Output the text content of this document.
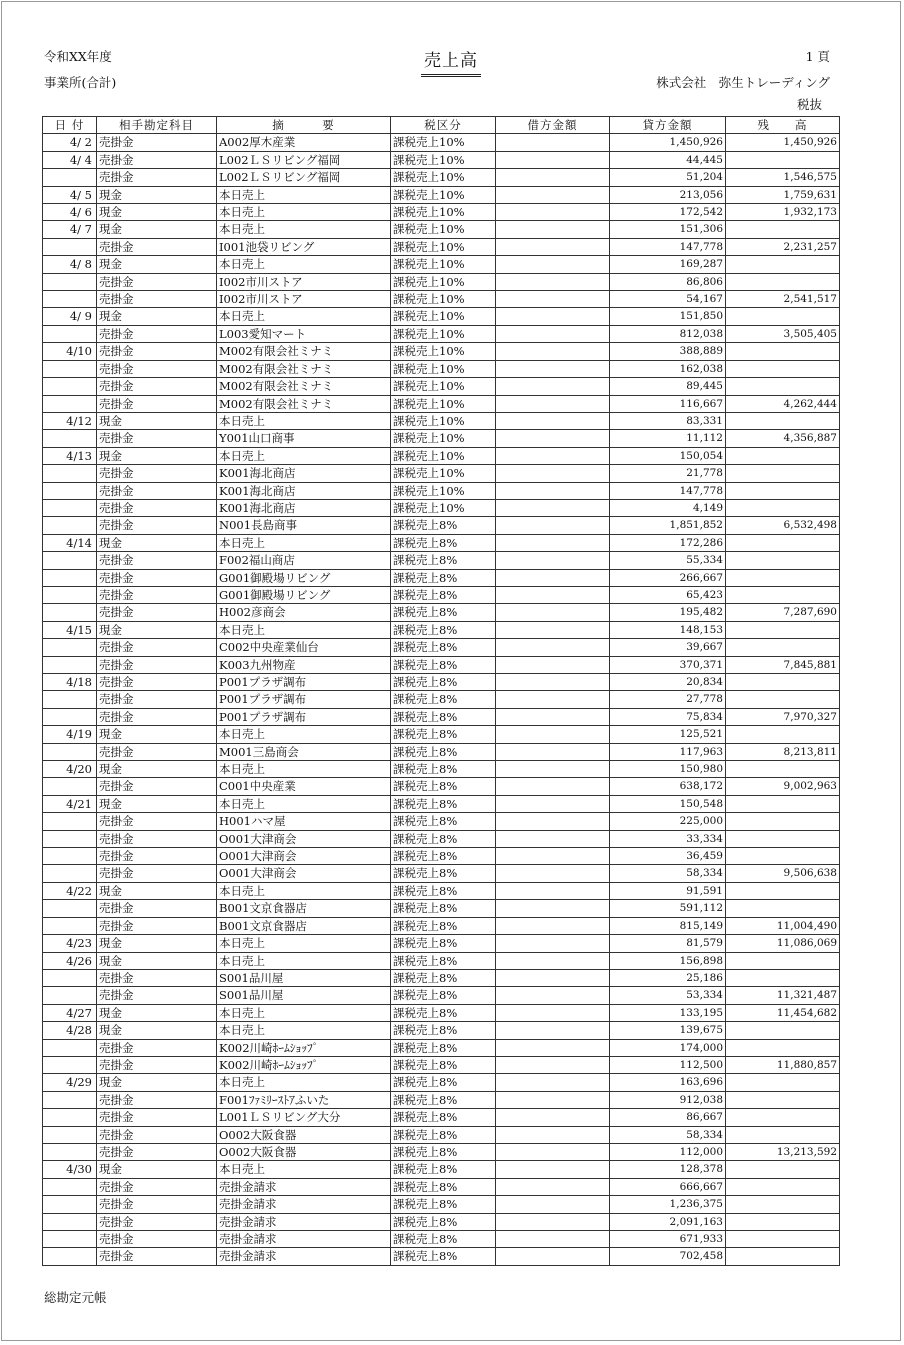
令和XX年度
事業所(合計)
売上高	1 頁
株式会社　弥生トレーディング
税抜
日 付	相手勘定科目	摘　　　要	税区分	借方金額	貸方金額	残　　高
4/ 2	売掛金	A002厚木産業	課税売上10%		1,450,926	1,450,926
4/ 4	売掛金	L002ＬＳリビング福岡	課税売上10%		44,445	
	売掛金	L002ＬＳリビング福岡	課税売上10%		51,204	1,546,575
4/ 5	現金	本日売上	課税売上10%		213,056	1,759,631
4/ 6	現金	本日売上	課税売上10%		172,542	1,932,173
4/ 7	現金	本日売上	課税売上10%		151,306	
	売掛金	I001池袋リビング	課税売上10%		147,778	2,231,257
4/ 8	現金	本日売上	課税売上10%		169,287	
	売掛金	I002市川ストア	課税売上10%		86,806	
	売掛金	I002市川ストア	課税売上10%		54,167	2,541,517
4/ 9	現金	本日売上	課税売上10%		151,850	
	売掛金	L003愛知マート	課税売上10%		812,038	3,505,405
4/10	売掛金	M002有限会社ミナミ	課税売上10%		388,889	
	売掛金	M002有限会社ミナミ	課税売上10%		162,038	
	売掛金	M002有限会社ミナミ	課税売上10%		89,445	
	売掛金	M002有限会社ミナミ	課税売上10%		116,667	4,262,444
4/12	現金	本日売上	課税売上10%		83,331	
	売掛金	Y001山口商事	課税売上10%		11,112	4,356,887
4/13	現金	本日売上	課税売上10%		150,054	
	売掛金	K001海北商店	課税売上10%		21,778	
	売掛金	K001海北商店	課税売上10%		147,778	
	売掛金	K001海北商店	課税売上10%		4,149	
	売掛金	N001長島商事	課税売上8%		1,851,852	6,532,498
4/14	現金	本日売上	課税売上8%		172,286	
	売掛金	F002福山商店	課税売上8%		55,334	
	売掛金	G001御殿場リビング	課税売上8%		266,667	
	売掛金	G001御殿場リビング	課税売上8%		65,423	
	売掛金	H002彦商会	課税売上8%		195,482	7,287,690
4/15	現金	本日売上	課税売上8%		148,153	
	売掛金	C002中央産業仙台	課税売上8%		39,667	
	売掛金	K003九州物産	課税売上8%		370,371	7,845,881
4/18	売掛金	P001プラザ調布	課税売上8%		20,834	
	売掛金	P001プラザ調布	課税売上8%		27,778	
	売掛金	P001プラザ調布	課税売上8%		75,834	7,970,327
4/19	現金	本日売上	課税売上8%		125,521	
	売掛金	M001三島商会	課税売上8%		117,963	8,213,811
4/20	現金	本日売上	課税売上8%		150,980	
	売掛金	C001中央産業	課税売上8%		638,172	9,002,963
4/21	現金	本日売上	課税売上8%		150,548	
	売掛金	H001ハマ屋	課税売上8%		225,000	
	売掛金	O001大津商会	課税売上8%		33,334	
	売掛金	O001大津商会	課税売上8%		36,459	
	売掛金	O001大津商会	課税売上8%		58,334	9,506,638
4/22	現金	本日売上	課税売上8%		91,591	
	売掛金	B001文京食器店	課税売上8%		591,112	
	売掛金	B001文京食器店	課税売上8%		815,149	11,004,490
4/23	現金	本日売上	課税売上8%		81,579	11,086,069
4/26	現金	本日売上	課税売上8%		156,898	
	売掛金	S001品川屋	課税売上8%		25,186	
	売掛金	S001品川屋	課税売上8%		53,334	11,321,487
4/27	現金	本日売上	課税売上8%		133,195	11,454,682
4/28	現金	本日売上	課税売上8%		139,675	
	売掛金	K002川崎ﾎｰﾑｼｮｯﾌﾟ	課税売上8%		174,000	
	売掛金	K002川崎ﾎｰﾑｼｮｯﾌﾟ	課税売上8%		112,500	11,880,857
4/29	現金	本日売上	課税売上8%		163,696	
	売掛金	F001ﾌｧﾐﾘｰｽﾄｱふいた	課税売上8%		912,038	
	売掛金	L001ＬＳリビング大分	課税売上8%		86,667	
	売掛金	O002大阪食器	課税売上8%		58,334	
	売掛金	O002大阪食器	課税売上8%		112,000	13,213,592
4/30	現金	本日売上	課税売上8%		128,378	
	売掛金	売掛金請求	課税売上8%		666,667	
	売掛金	売掛金請求	課税売上8%		1,236,375	
	売掛金	売掛金請求	課税売上8%		2,091,163	
	売掛金	売掛金請求	課税売上8%		671,933	
	売掛金	売掛金請求	課税売上8%		702,458	
総勘定元帳
